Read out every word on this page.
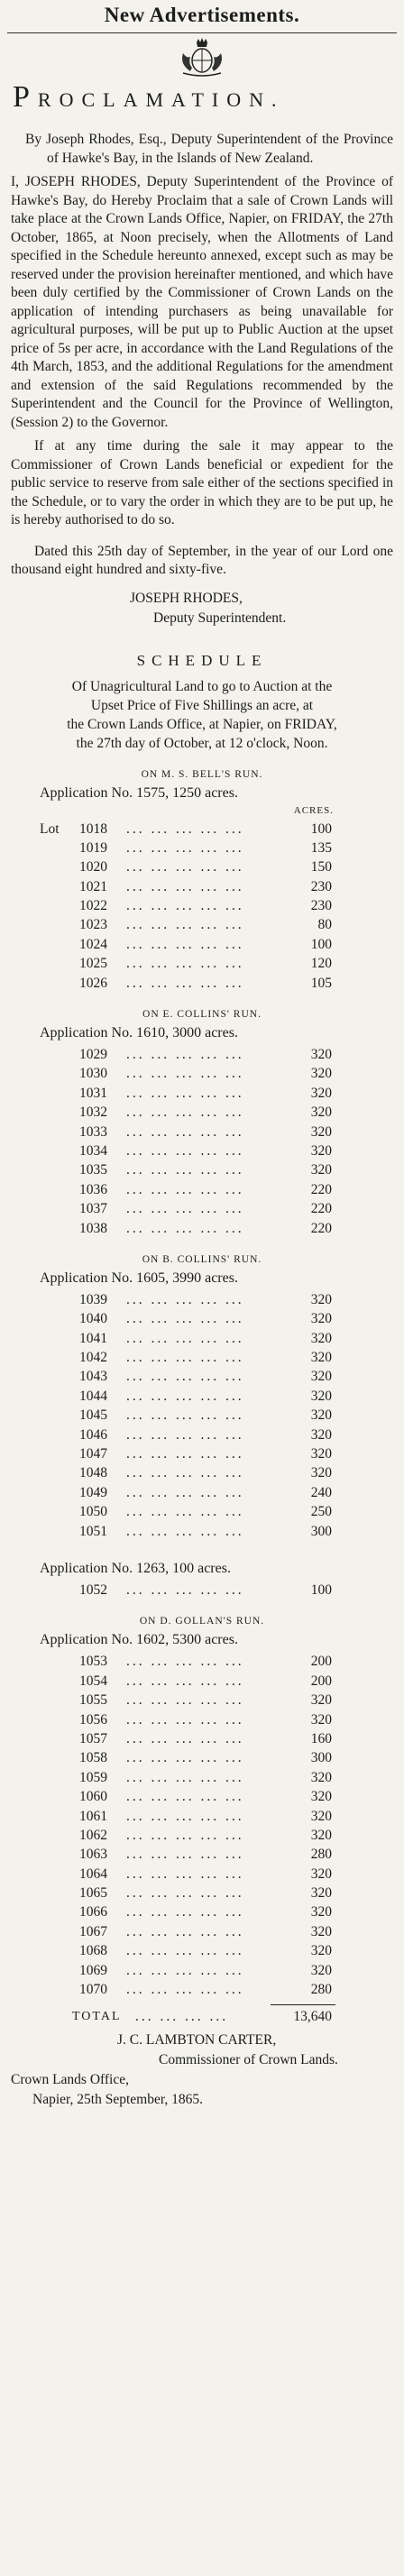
New Advertisements.
PROCLAMATION.

By Joseph Rhodes, Esq., Deputy Superintendent of the Province of Hawke's Bay, in the Islands of New Zealand.

I, JOSEPH RHODES, Deputy Superintendent of the Province of Hawke's Bay, do Hereby Proclaim that a sale of Crown Lands will take place at the Crown Lands Office, Napier, on FRIDAY, the 27th October, 1865, at Noon precisely, when the Allotments of Land specified in the Schedule hereunto annexed, except such as may be reserved under the provision hereinafter mentioned, and which have been duly certified by the Commissioner of Crown Lands on the application of intending purchasers as being unavailable for agricultural purposes, will be put up to Public Auction at the upset price of 5s per acre, in accordance with the Land Regulations of the 4th March, 1853, and the additional Regulations for the amendment and extension of the said Regulations recommended by the Superintendent and the Council for the Province of Wellington, (Session 2) to the Governor.

If at any time during the sale it may appear to the Commissioner of Crown Lands beneficial or expedient for the public service to reserve from sale either of the sections specified in the Schedule, or to vary the order in which they are to be put up, he is hereby authorised to do so.

Dated this 25th day of September, in the year of our Lord one thousand eight hundred and sixty-five.

JOSEPH RHODES,
Deputy Superintendent.
SCHEDULE
Of Unagricultural Land to go to Auction at the
Upset Price of Five Shillings an acre, at
the Crown Lands Office, at Napier, on FRIDAY,
the 27th day of October, at 12 o'clock, Noon.
ON M. S. BELL'S RUN.
Application No. 1575, 1250 acres.
ACRES.
Lot 1018 ... ... ... ... ...	100
1019 ... ... ... ... ...	135
1020 ... ... ... ... ...	150
1021 ... ... ... ... ...	230
1022 ... ... ... ... ...	230
1023 ... ... ... ... ...	80
1024 ... ... ... ... ...	100
1025 ... ... ... ... ...	120
1026 ... ... ... ... ...	105
ON E. COLLINS' RUN.
Application No. 1610, 3000 acres.
1029 ... ... ... ... ...	320
1030 ... ... ... ... ...	320
1031 ... ... ... ... ...	320
1032 ... ... ... ... ...	320
1033 ... ... ... ... ...	320
1034 ... ... ... ... ...	320
1035 ... ... ... ... ...	320
1036 ... ... ... ... ...	220
1037 ... ... ... ... ...	220
1038 ... ... ... ... ...	220
ON B. COLLINS' RUN.
Application No. 1605, 3990 acres.
1039 ... ... ... ... ...	320
1040 ... ... ... ... ...	320
1041 ... ... ... ... ...	320
1042 ... ... ... ... ...	320
1043 ... ... ... ... ...	320
1044 ... ... ... ... ...	320
1045 ... ... ... ... ...	320
1046 ... ... ... ... ...	320
1047 ... ... ... ... ...	320
1048 ... ... ... ... ...	320
1049 ... ... ... ... ...	240
1050 ... ... ... ... ...	250
1051 ... ... ... ... ...	300
Application No. 1263, 100 acres.
1052 ... ... ... ... ...	100
ON D. GOLLAN'S RUN.
Application No. 1602, 5300 acres.
1053 ... ... ... ... ...	200
1054 ... ... ... ... ...	200
1055 ... ... ... ... ...	320
1056 ... ... ... ... ...	320
1057 ... ... ... ... ...	160
1058 ... ... ... ... ...	300
1059 ... ... ... ... ...	320
1060 ... ... ... ... ...	320
1061 ... ... ... ... ...	320
1062 ... ... ... ... ...	320
1063 ... ... ... ... ...	280
1064 ... ... ... ... ...	320
1065 ... ... ... ... ...	320
1066 ... ... ... ... ...	320
1067 ... ... ... ... ...	320
1068 ... ... ... ... ...	320
1069 ... ... ... ... ...	320
1070 ... ... ... ... ...	280
TOTAL ... ... ... ...	13,640
J. C. LAMBTON CARTER,
Commissioner of Crown Lands.
Crown Lands Office,
Napier, 25th September, 1865.
